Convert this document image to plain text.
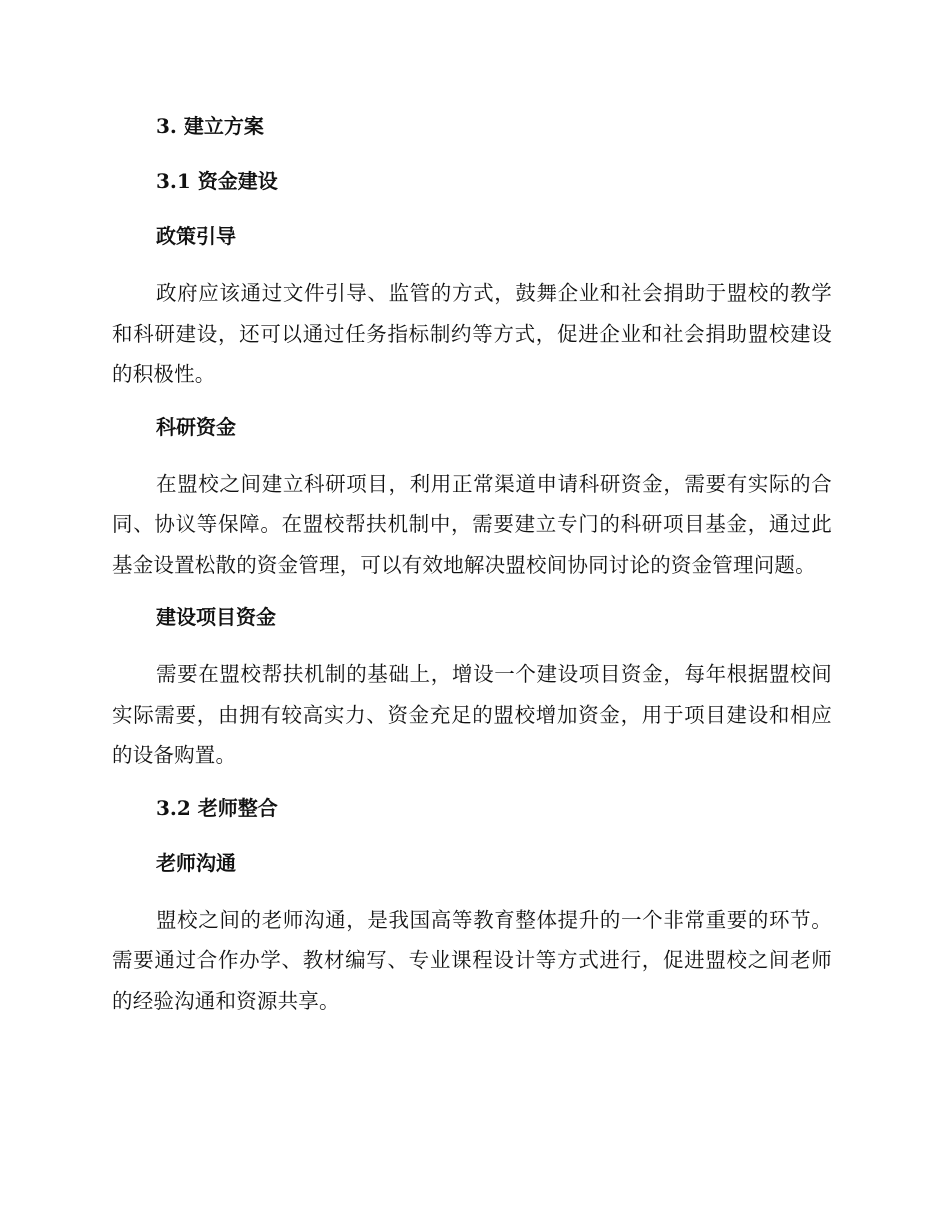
3. 建立方案
3.1 资金建设
政策引导

政府应该通过文件引导、监管的方式，鼓舞企业和社会捐助于盟校的教学和科研建设，还可以通过任务指标制约等方式，促进企业和社会捐助盟校建设的积极性。

科研资金

在盟校之间建立科研项目，利用正常渠道申请科研资金，需要有实际的合同、协议等保障。在盟校帮扶机制中，需要建立专门的科研项目基金，通过此基金设置松散的资金管理，可以有效地解决盟校间协同讨论的资金管理问题。

建设项目资金

需要在盟校帮扶机制的基础上，增设一个建设项目资金，每年根据盟校间实际需要，由拥有较高实力、资金充足的盟校增加资金，用于项目建设和相应的设备购置。

3.2 老师整合
老师沟通

盟校之间的老师沟通，是我国高等教育整体提升的一个非常重要的环节。需要通过合作办学、教材编写、专业课程设计等方式进行，促进盟校之间老师的经验沟通和资源共享。
